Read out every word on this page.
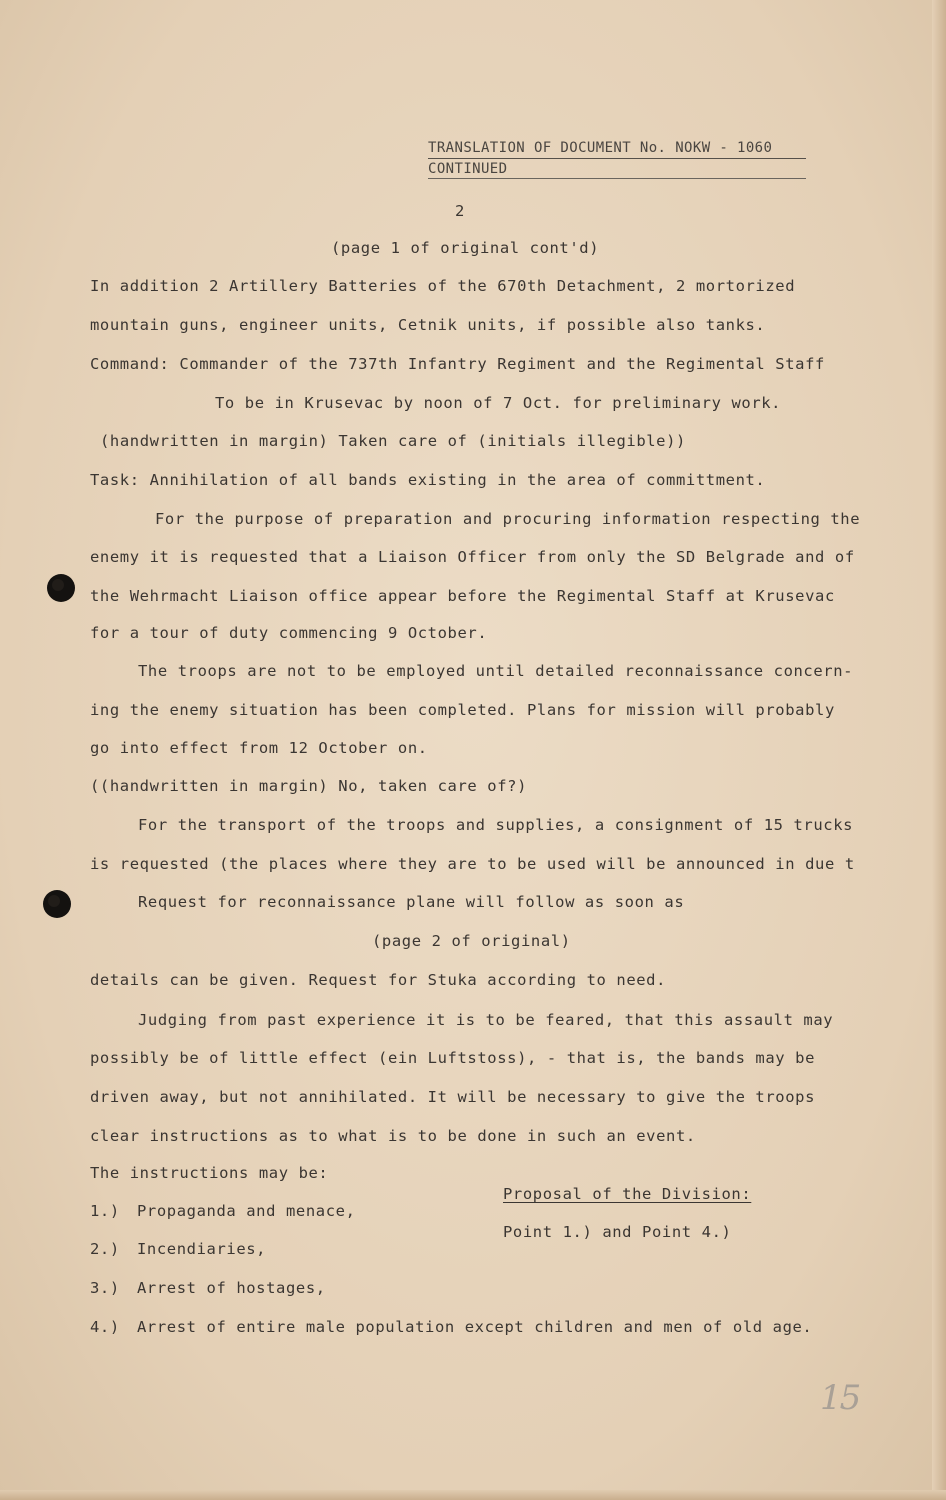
TRANSLATION OF DOCUMENT No. NOKW - 1060
CONTINUED
2
(page 1 of original cont'd)
In addition 2 Artillery Batteries of the 670th Detachment, 2 mortorized
mountain guns, engineer units, Cetnik units, if possible also tanks.
Command: Commander of the 737th Infantry Regiment and the Regimental Staff
To be in Krusevac by noon of 7 Oct. for preliminary work.
(handwritten in margin) Taken care of (initials illegible))
Task: Annihilation of all bands existing in the area of committment.
For the purpose of preparation and procuring information respecting the
enemy it is requested that a Liaison Officer from only the SD Belgrade and of
the Wehrmacht Liaison office appear before the Regimental Staff at Krusevac
for a tour of duty commencing 9 October.
The troops are not to be employed until detailed reconnaissance concern-
ing the enemy situation has been completed. Plans for mission will probably
go into effect from 12 October on.
((handwritten in margin) No, taken care of?)
For the transport of the troops and supplies, a consignment of 15 trucks
is requested (the places where they are to be used will be announced in due t
Request for reconnaissance plane will follow as soon as
(page 2 of original)
details can be given. Request for Stuka according to need.
Judging from past experience it is to be feared, that this assault may
possibly be of little effect (ein Luftstoss), - that is, the bands may be
driven away, but not annihilated. It will be necessary to give the troops
clear instructions as to what is to be done in such an event.
The instructions may be:
Proposal of the Division:
Point 1.) and Point 4.)
1.) Propaganda and menace,
2.) Incendiaries,
3.) Arrest of hostages,
4.) Arrest of entire male population except children and men of old age.
15
